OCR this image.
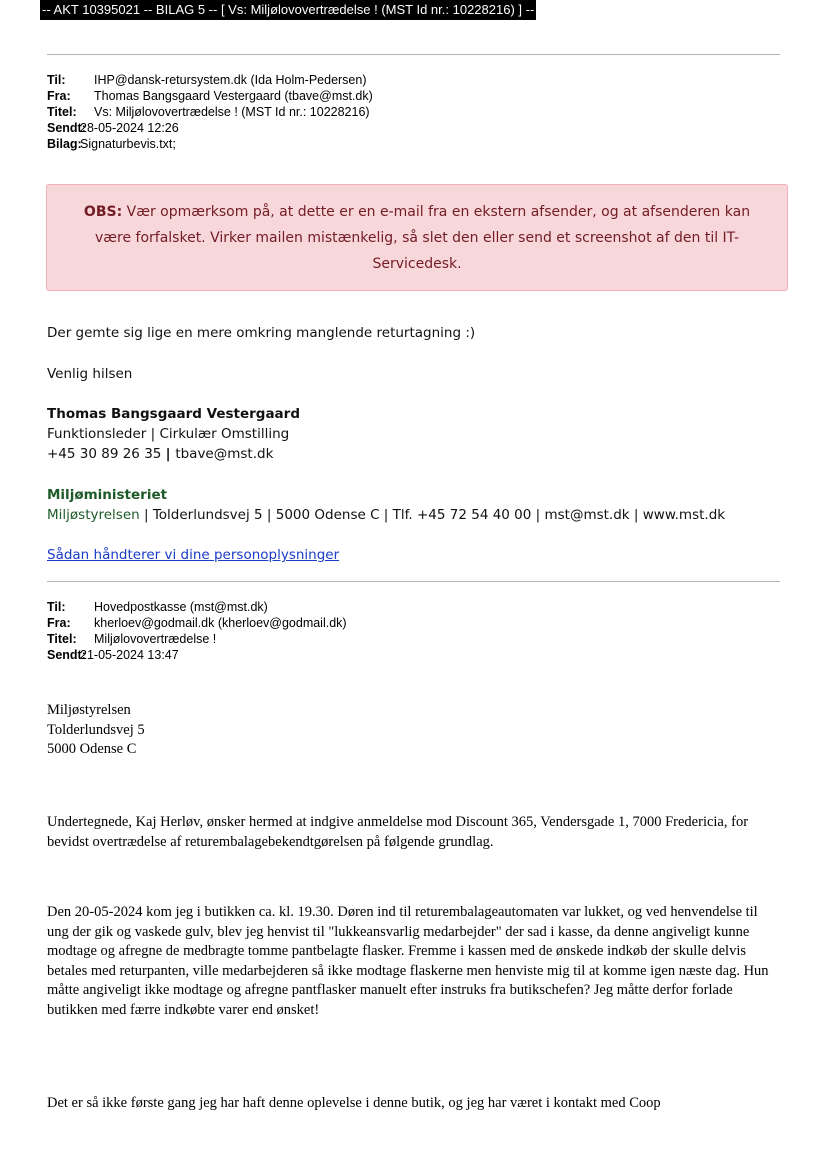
-- AKT 10395021 -- BILAG 5 -- [ Vs: Miljølovovertrædelse ! (MST Id nr.: 10228216) ] --
Til:	IHP@dansk-retursystem.dk (Ida Holm-Pedersen)
Fra:	Thomas Bangsgaard Vestergaard (tbave@mst.dk)
Titel:	Vs: Miljølovovertrædelse ! (MST Id nr.: 10228216)
Sendt:
28-05-2024 12:26
Bilag:
Signaturbevis.txt;
OBS: Vær opmærksom på, at dette er en e-mail fra en ekstern afsender, og at afsenderen kan være forfalsket. Virker mailen mistænkelig, så slet den eller send et screenshot af den til IT-Servicedesk.
Der gemte sig lige en mere omkring manglende returtagning :)
Venlig hilsen
Thomas Bangsgaard Vestergaard
Funktionsleder | Cirkulær Omstilling
+45 30 89 26 35 | tbave@mst.dk
Miljøministeriet
Miljøstyrelsen | Tolderlundsvej 5 | 5000 Odense C | Tlf. +45 72 54 40 00 | mst@mst.dk | www.mst.dk
Sådan håndterer vi dine personoplysninger
Til:	Hovedpostkasse (mst@mst.dk)
Fra:	kherloev@godmail.dk (kherloev@godmail.dk)
Titel:	Miljølovovertrædelse !
Sendt:
21-05-2024 13:47

Miljøstyrelsen

Tolderlundsvej 5

5000 Odense C

Undertegnede, Kaj Herløv, ønsker hermed at indgive anmeldelse mod Discount 365, Vendersgade 1, 7000 Fredericia, for bevidst overtrædelse af returembalagebekendtgørelsen på følgende grundlag.
Den 20-05-2024 kom jeg i butikken ca. kl. 19.30. Døren ind til returembalageautomaten var lukket, og ved henvendelse til ung der gik og vaskede gulv, blev jeg henvist til "lukkeansvarlig medarbejder" der sad i kasse, da denne angiveligt kunne modtage og afregne de medbragte tomme pantbelagte flasker. Fremme i kassen med de ønskede indkøb der skulle delvis betales med returpanten, ville medarbejderen så ikke modtage flaskerne men henviste mig til at komme igen næste dag. Hun måtte angiveligt ikke modtage og afregne pantflasker manuelt efter instruks fra butikschefen? Jeg måtte derfor forlade butikken med færre indkøbte varer end ønsket!
Det er så ikke første gang jeg har haft denne oplevelse i denne butik, og jeg har været i kontakt med Coop
